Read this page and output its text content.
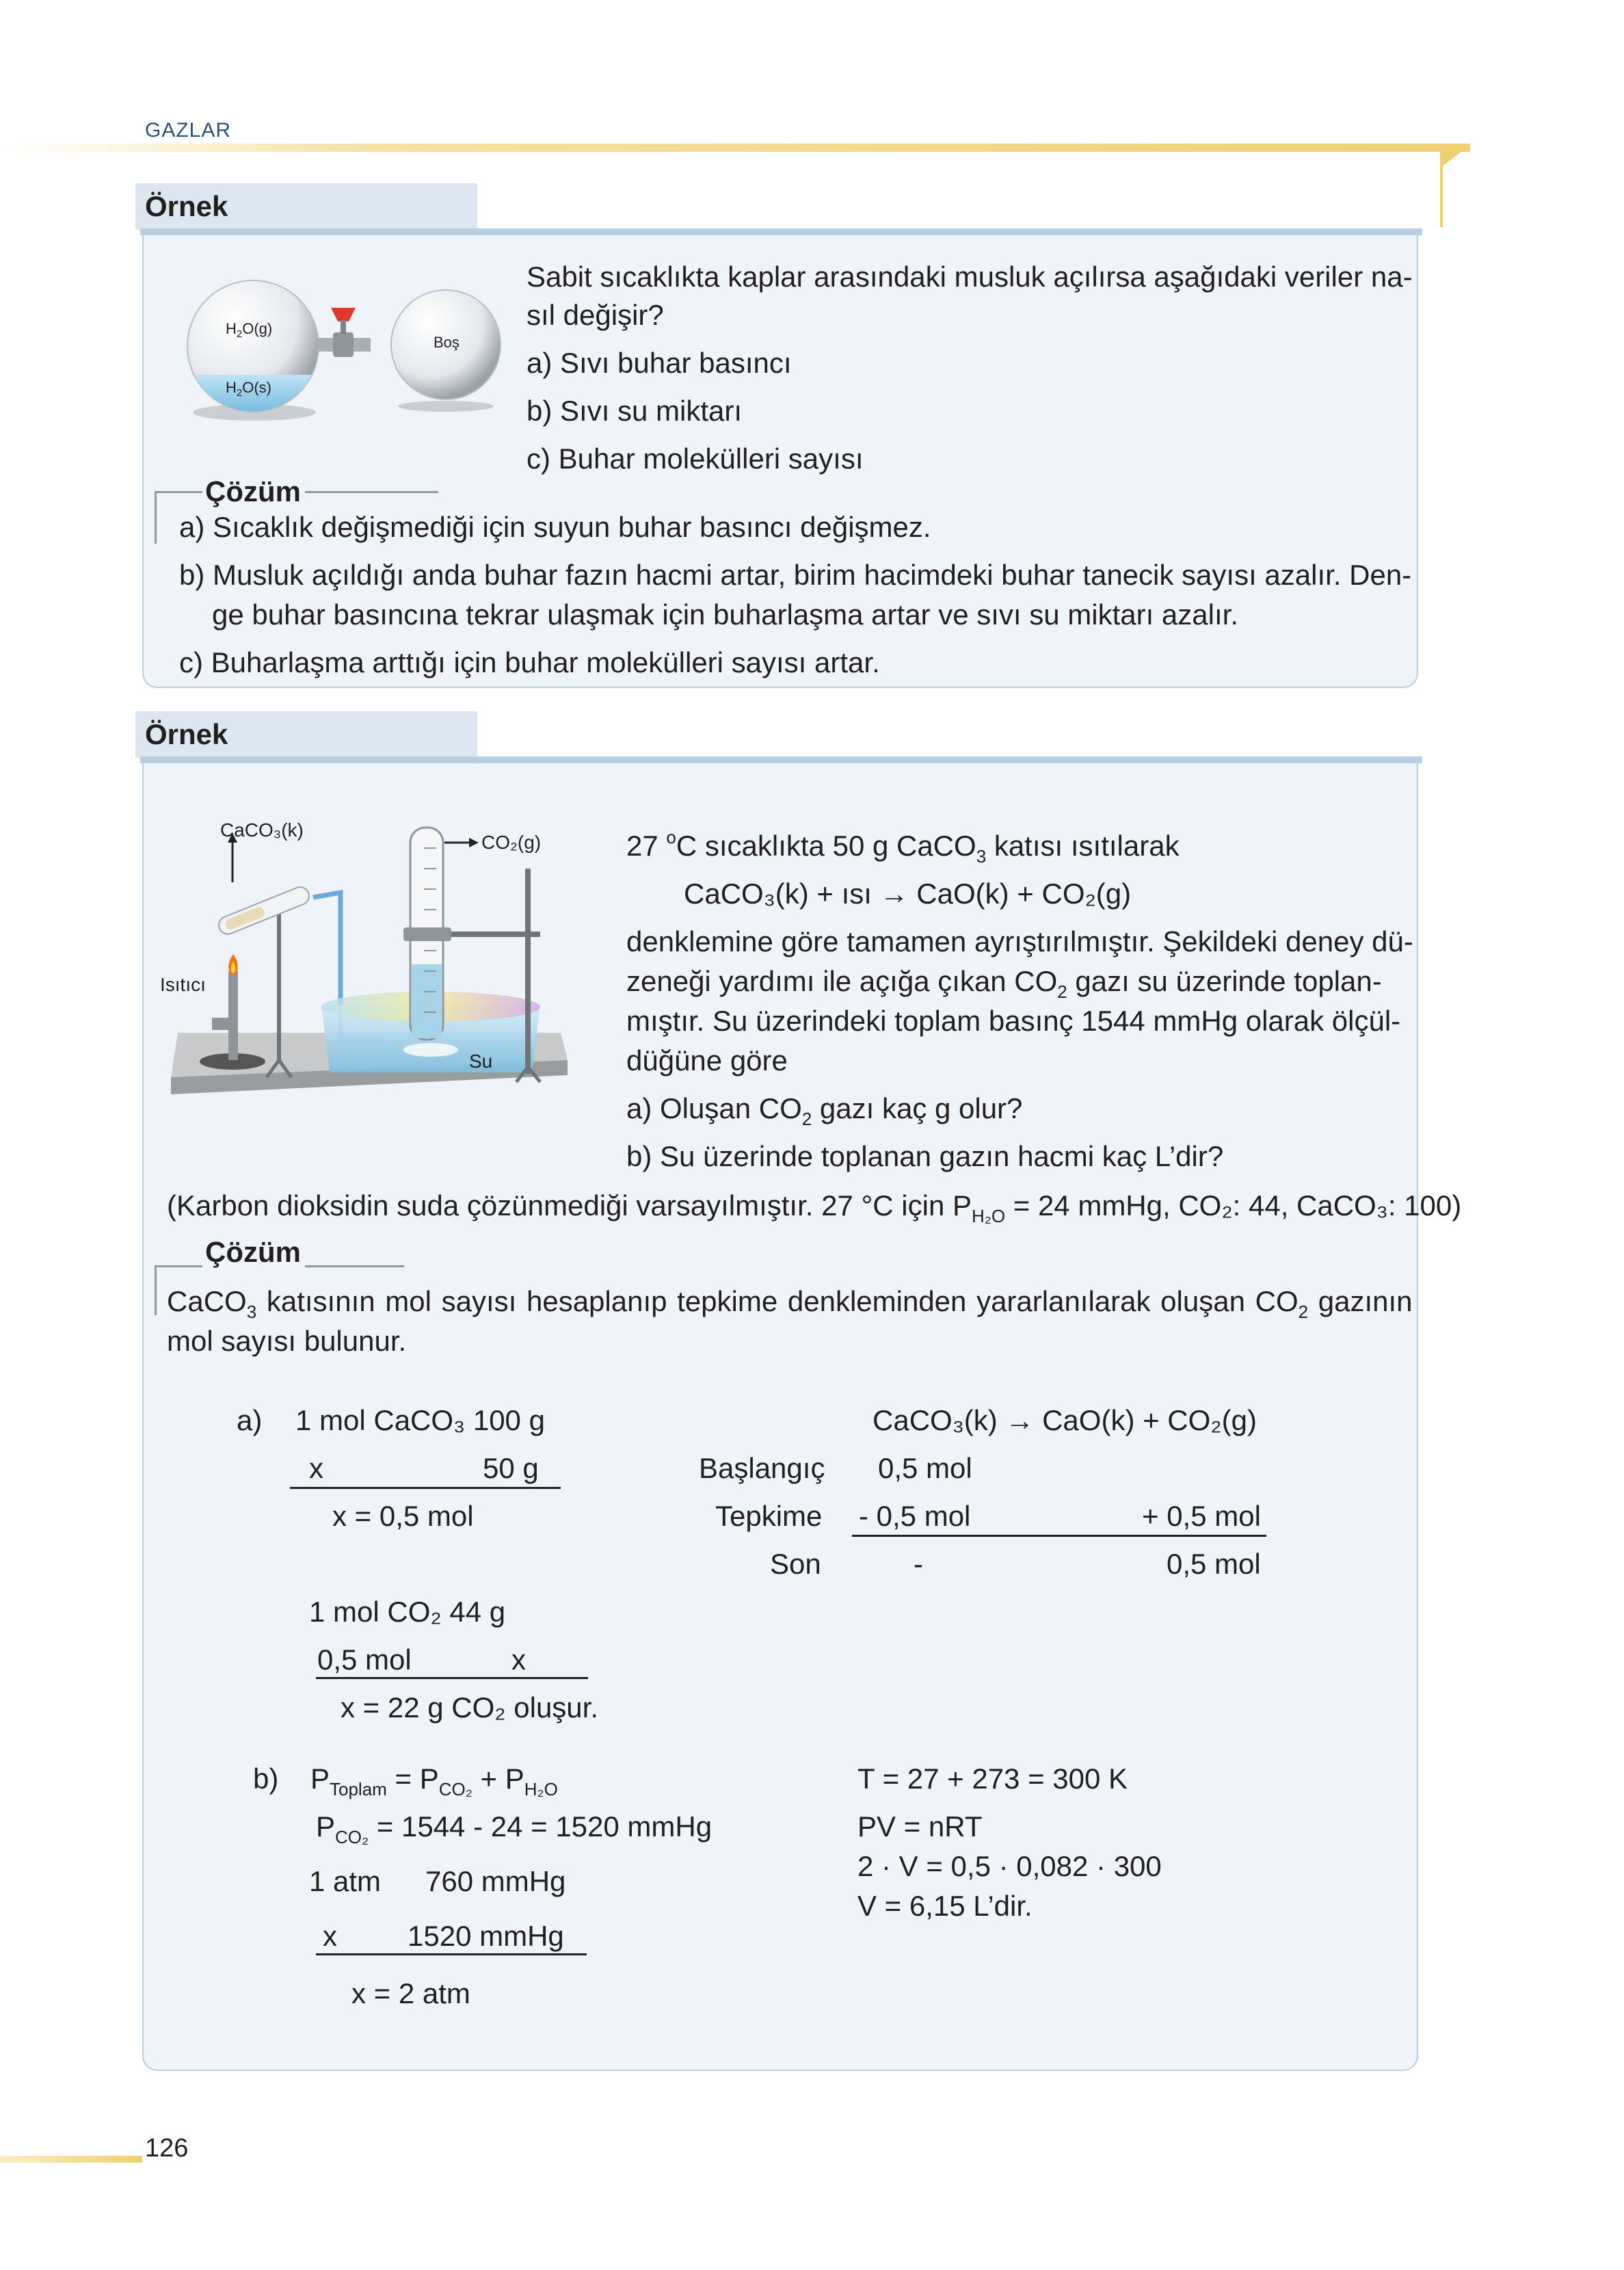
GAZLAR
Örnek
$H_2O(g)$
$H_2O(s)$
Boş
Sabit sıcaklıkta kaplar arasındaki musluk açılırsa aşağıdaki veriler na-
sıl değişir?
a) Sıvı buhar basıncı
b) Sıvı su miktarı
c) Buhar molekülleri sayısı
Çözüm
a) Sıcaklık değişmediği için suyun buhar basıncı değişmez.
b) Musluk açıldığı anda buhar fazın hacmi artar, birim hacimdeki buhar tanecik sayısı azalır. Den-
ge buhar basıncına tekrar ulaşmak için buharlaşma artar ve sıvı su miktarı azalır.
c) Buharlaşma arttığı için buhar molekülleri sayısı artar.
Örnek
CaCO₃(k)
CO₂(g)
Isıtıcı
Su
27 $^o$C sıcaklıkta 50 g CaCO$_3$ katısı ısıtılarak
CaCO₃(k) + ısı → CaO(k) + CO₂(g)
denklemine göre tamamen ayrıştırılmıştır. Şekildeki deney dü-
zeneği yardımı ile açığa çıkan $CO_2$ gazı su üzerinde toplan-
mıştır. Su üzerindeki toplam basınç 1544 mmHg olarak ölçül-
düğüne göre
a) Oluşan $CO_2$ gazı kaç g olur?
b) Su üzerinde toplanan gazın hacmi kaç L’dir?
(Karbon dioksidin suda çözünmediği varsayılmıştır. 27 °C için $P_{H_2O} = 24$ mmHg, CO₂: 44, CaCO₃: 100)
Çözüm
CaCO$_3$ katısının mol sayısı hesaplanıp tepkime denkleminden yararlanılarak oluşan $CO_2$ gazının
mol sayısı bulunur.
a) 1 mol CaCO₃ 100 g
x	50 g
x = 0,5 mol
CaCO₃(k) → CaO(k) + CO₂(g)
Başlangıç
Tepkime
Son
0,5 mol
- 0,5 mol
-
+ 0,5 mol
0,5 mol
1 mol CO₂ 44 g
0,5 mol	x
x = 22 g CO₂ oluşur.
b) $P_{Toplam} = P_{CO_2} + P_{H_2O}$
$P_{CO_2} = 1544 - 24 = 1520$ mmHg
1 atm 760 mmHg
x 1520 mmHg
x = 2 atm
T = 27 + 273 = 300 K
PV = nRT
2 · V = 0,5 · 0,082 · 300
V = 6,15 L’dir.
126
